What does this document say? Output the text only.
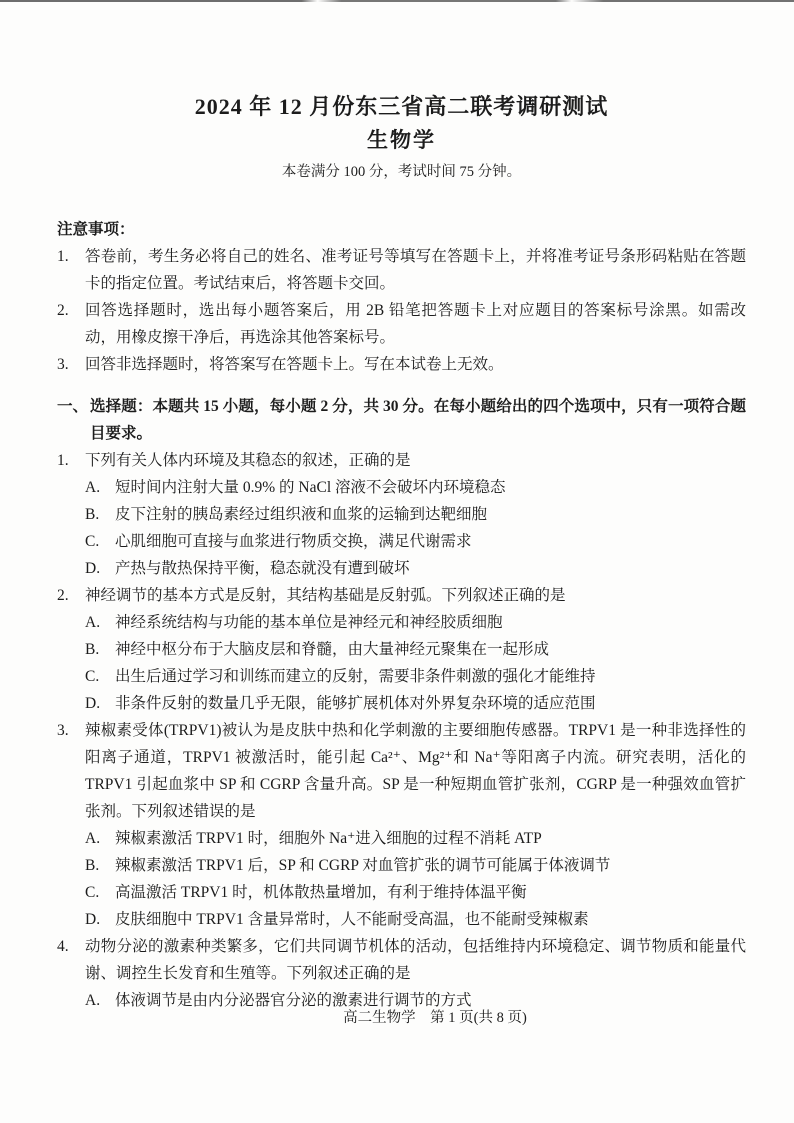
2024 年 12 月份东三省高二联考调研测试
生物学
本卷满分 100 分，考试时间 75 分钟。
注意事项：
1.	答卷前，考生务必将自己的姓名、准考证号等填写在答题卡上，并将准考证号条形码粘贴在答题卡的指定位置。考试结束后，将答题卡交回。
2.	回答选择题时，选出每小题答案后，用 2B 铅笔把答题卡上对应题目的答案标号涂黑。如需改动，用橡皮擦干净后，再选涂其他答案标号。
3.	回答非选择题时，将答案写在答题卡上。写在本试卷上无效。
一、 选择题：本题共 15 小题，每小题 2 分，共 30 分。在每小题给出的四个选项中，只有一项符合题目要求。
1.	下列有关人体内环境及其稳态的叙述，正确的是
A. 短时间内注射大量 0.9% 的 NaCl 溶液不会破坏内环境稳态
B.	皮下注射的胰岛素经过组织液和血浆的运输到达靶细胞
C.	心肌细胞可直接与血浆进行物质交换，满足代谢需求
D. 产热与散热保持平衡，稳态就没有遭到破坏
2.	神经调节的基本方式是反射，其结构基础是反射弧。下列叙述正确的是
A. 神经系统结构与功能的基本单位是神经元和神经胶质细胞
B.	神经中枢分布于大脑皮层和脊髓，由大量神经元聚集在一起形成
C.	出生后通过学习和训练而建立的反射，需要非条件刺激的强化才能维持
D. 非条件反射的数量几乎无限，能够扩展机体对外界复杂环境的适应范围
3.	辣椒素受体(TRPV1)被认为是皮肤中热和化学刺激的主要细胞传感器。TRPV1 是一种非选择性的阳离子通道，TRPV1 被激活时，能引起 Ca²⁺、Mg²⁺和 Na⁺等阳离子内流。研究表明，活化的 TRPV1 引起血浆中 SP 和 CGRP 含量升高。SP 是一种短期血管扩张剂，CGRP 是一种强效血管扩张剂。下列叙述错误的是
A. 辣椒素激活 TRPV1 时，细胞外 Na⁺进入细胞的过程不消耗 ATP
B.	辣椒素激活 TRPV1 后，SP 和 CGRP 对血管扩张的调节可能属于体液调节
C.	高温激活 TRPV1 时，机体散热量增加，有利于维持体温平衡
D. 皮肤细胞中 TRPV1 含量异常时，人不能耐受高温，也不能耐受辣椒素
4.	动物分泌的激素种类繁多，它们共同调节机体的活动，包括维持内环境稳定、调节物质和能量代谢、调控生长发育和生殖等。下列叙述正确的是
A. 体液调节是由内分泌器官分泌的激素进行调节的方式
高二生物学　第 1 页(共 8 页)
